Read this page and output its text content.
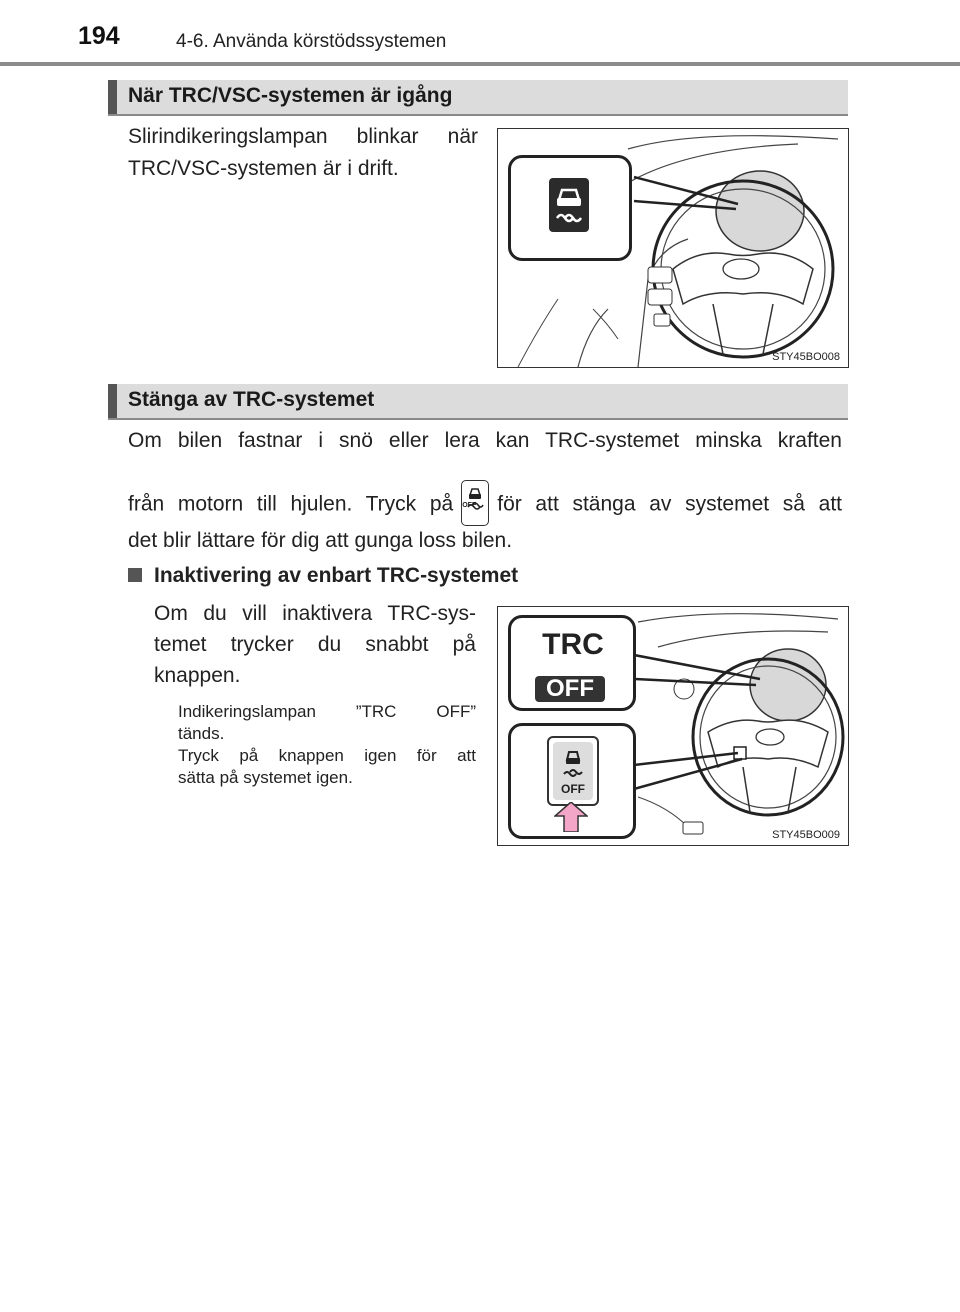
194	4-6. Använda körstödssystemen
När TRC/VSC-systemen är igång
Slirindikeringslampan blinkar när
TRC/VSC-systemen är i drift.
STY45BO008
Stänga av TRC-systemet
Om bilen fastnar i snö eller lera kan TRC-systemet minska kraften
från motorn till hjulen. Tryck på OFF	för att stänga av systemet så att
det blir lättare för dig att gunga loss bilen.
Inaktivering av enbart TRC-systemet
Om du vill inaktivera TRC-sys-
temet trycker du snabbt på
knappen.
Indikeringslampan ”TRC OFF”
tänds.
Tryck på knappen igen för att
sätta på systemet igen.
TRC
OFF
OFF
STY45BO009
